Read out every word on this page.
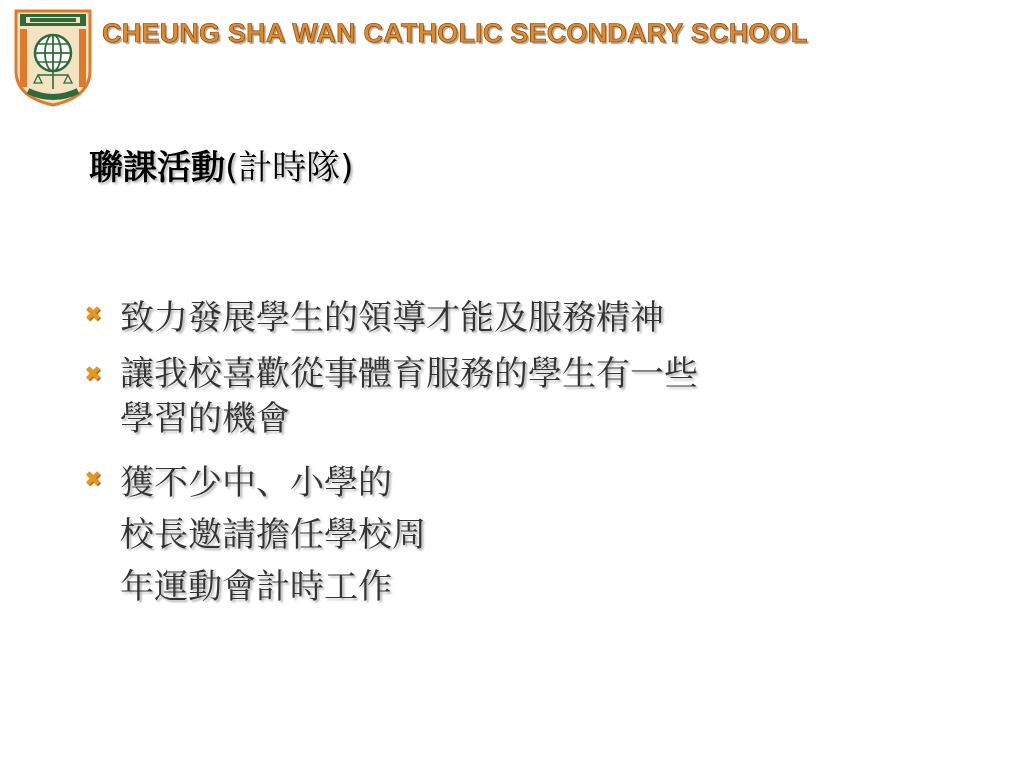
CHEUNG SHA WAN CATHOLIC SECONDARY SCHOOL
聯課活動(計時隊)
✖ 致力發展學生的領導才能及服務精神
✖ 讓我校喜歡從事體育服務的學生有一些
學習的機會
✖ 獲不少中、小學的
校長邀請擔任學校周
年運動會計時工作
